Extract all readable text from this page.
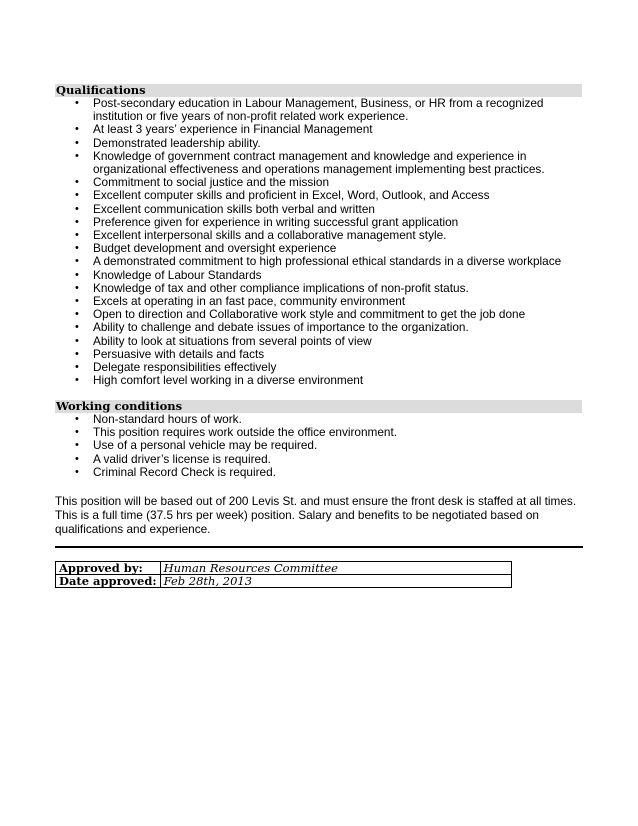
Qualifications
• Post-secondary education in Labour Management, Business, or HR from a recognized institution or five years of non-profit related work experience.
• At least 3 years’ experience in Financial Management
• Demonstrated leadership ability.
• Knowledge of government contract management and knowledge and experience in organizational effectiveness and operations management implementing best practices.
• Commitment to social justice and the mission
• Excellent computer skills and proficient in Excel, Word, Outlook, and Access
• Excellent communication skills both verbal and written
• Preference given for experience in writing successful grant application
• Excellent interpersonal skills and a collaborative management style.
• Budget development and oversight experience
• A demonstrated commitment to high professional ethical standards in a diverse workplace
• Knowledge of Labour Standards
• Knowledge of tax and other compliance implications of non-profit status.
• Excels at operating in an fast pace, community environment
• Open to direction and Collaborative work style and commitment to get the job done
• Ability to challenge and debate issues of importance to the organization.
• Ability to look at situations from several points of view
• Persuasive with details and facts
• Delegate responsibilities effectively
• High comfort level working in a diverse environment
Working conditions
• Non-standard hours of work.
• This position requires work outside the office environment.
• Use of a personal vehicle may be required.
• A valid driver’s license is required.
• Criminal Record Check is required.

This position will be based out of 200 Levis St. and must ensure the front desk is staffed at all times. This is a full time (37.5 hrs per week) position. Salary and benefits to be negotiated based on qualifications and experience.

Approved by:	Human Resources Committee
Date approved:	Feb 28th, 2013
